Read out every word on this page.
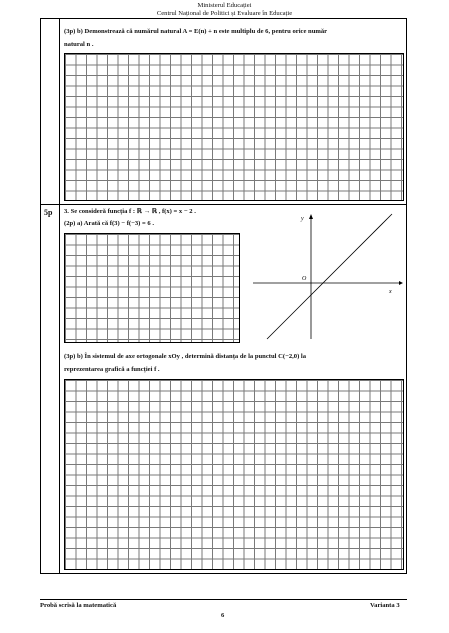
Ministerul Educației
Centrul Național de Politici și Evaluare în Educație
(3p) b) Demonstrează că numărul natural A = E(n) + n este multiplu de 6, pentru orice număr
natural n .
5p 3. Se consideră funcția f : ℝ → ℝ , f(x) = x − 2 .
(2p) a) Arată că f(3) − f(−3) = 6 .
y
x
O
(3p) b) În sistemul de axe ortogonale xOy , determină distanța de la punctul C(−2,0) la
reprezentarea grafică a funcției f .
Probă scrisă la matematică	Varianta 3
6
